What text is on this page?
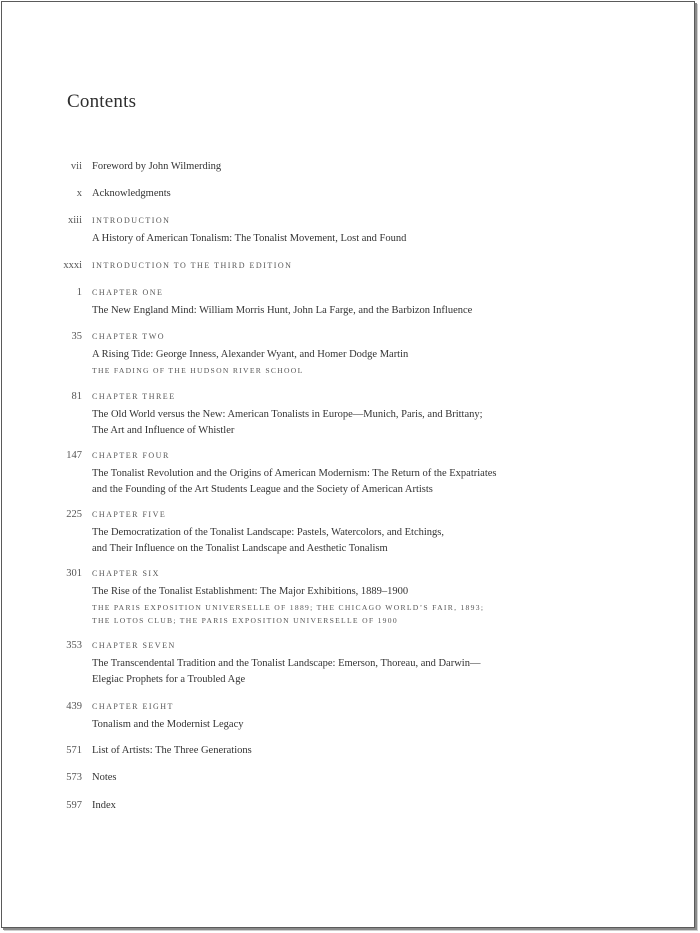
Contents
vii Foreword by John Wilmerding
x Acknowledgments
xiii INTRODUCTION
A History of American Tonalism: The Tonalist Movement, Lost and Found
xxxi INTRODUCTION TO THE THIRD EDITION
1 CHAPTER ONE
The New England Mind: William Morris Hunt, John La Farge, and the Barbizon Influence
35 CHAPTER TWO
A Rising Tide: George Inness, Alexander Wyant, and Homer Dodge Martin
THE FADING OF THE HUDSON RIVER SCHOOL
81 CHAPTER THREE
The Old World versus the New: American Tonalists in Europe—Munich, Paris, and Brittany;
The Art and Influence of Whistler
147 CHAPTER FOUR
The Tonalist Revolution and the Origins of American Modernism: The Return of the Expatriates
and the Founding of the Art Students League and the Society of American Artists
225 CHAPTER FIVE
The Democratization of the Tonalist Landscape: Pastels, Watercolors, and Etchings,
and Their Influence on the Tonalist Landscape and Aesthetic Tonalism
301 CHAPTER SIX
The Rise of the Tonalist Establishment: The Major Exhibitions, 1889–1900
THE PARIS EXPOSITION UNIVERSELLE OF 1889; THE CHICAGO WORLD’S FAIR, 1893;
THE LOTOS CLUB; THE PARIS EXPOSITION UNIVERSELLE OF 1900
353 CHAPTER SEVEN
The Transcendental Tradition and the Tonalist Landscape: Emerson, Thoreau, and Darwin—
Elegiac Prophets for a Troubled Age
439 CHAPTER EIGHT
Tonalism and the Modernist Legacy
571 List of Artists: The Three Generations
573 Notes
597 Index
